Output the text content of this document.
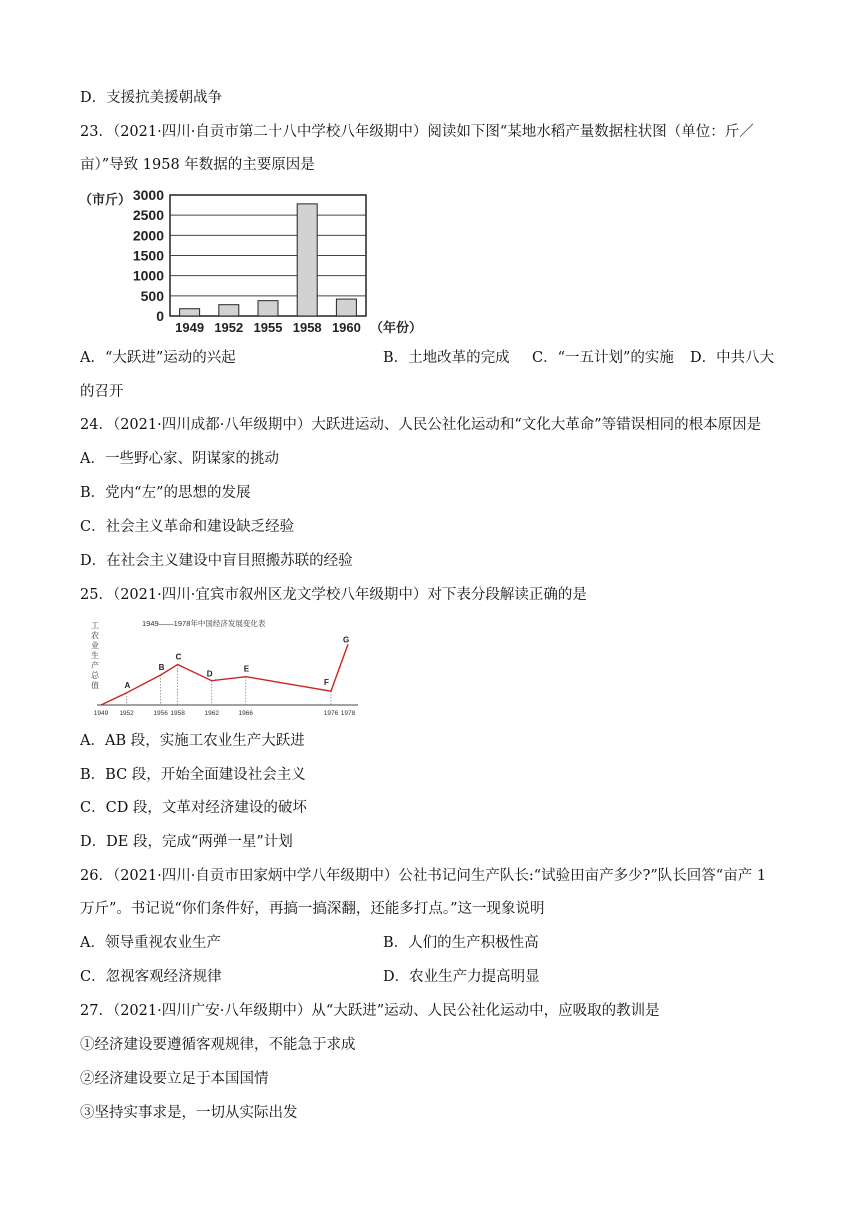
D．支援抗美援朝战争
23．（2021·四川·自贡市第二十八中学校八年级期中）阅读如下图“某地水稻产量数据柱状图（单位：斤／
亩）”导致 1958 年数据的主要原因是
0
500
1000
1500
2000
2500
3000
（市斤）
1949 1952 1955 1958 1960 （年份）
A．“大跃进”运动的兴起	B．土地改革的完成 C．“一五计划”的实施 D．中共八大
的召开
24．（2021·四川成都·八年级期中）大跃进运动、人民公社化运动和“文化大革命”等错误相同的根本原因是
A．一些野心家、阴谋家的挑动
B．党内“左”的思想的发展
C．社会主义革命和建设缺乏经验
D．在社会主义建设中盲目照搬苏联的经验
25．（2021·四川·宜宾市叙州区龙文学校八年级期中）对下表分段解读正确的是
1949——1978年中国经济发展变化表
工农业生产总值	A
B
C
D
E
F
G
1949 1952	1956 1958	1962	1966	1976 1978
A．AB 段，实施工农业生产大跃进
B．BC 段，开始全面建设社会主义
C．CD 段，文革对经济建设的破坏
D．DE 段，完成“两弹一星”计划
26．（2021·四川·自贡市田家炳中学八年级期中）公社书记问生产队长:“试验田亩产多少?”队长回答“亩产 1
万斤”。书记说“你们条件好，再搞一搞深翻，还能多打点。”这一现象说明
A．领导重视农业生产	B．人们的生产积极性高
C．忽视客观经济规律	D．农业生产力提高明显
27．（2021·四川广安·八年级期中）从“大跃进”运动、人民公社化运动中，应吸取的教训是
①经济建设要遵循客观规律，不能急于求成
②经济建设要立足于本国国情
③坚持实事求是，一切从实际出发
